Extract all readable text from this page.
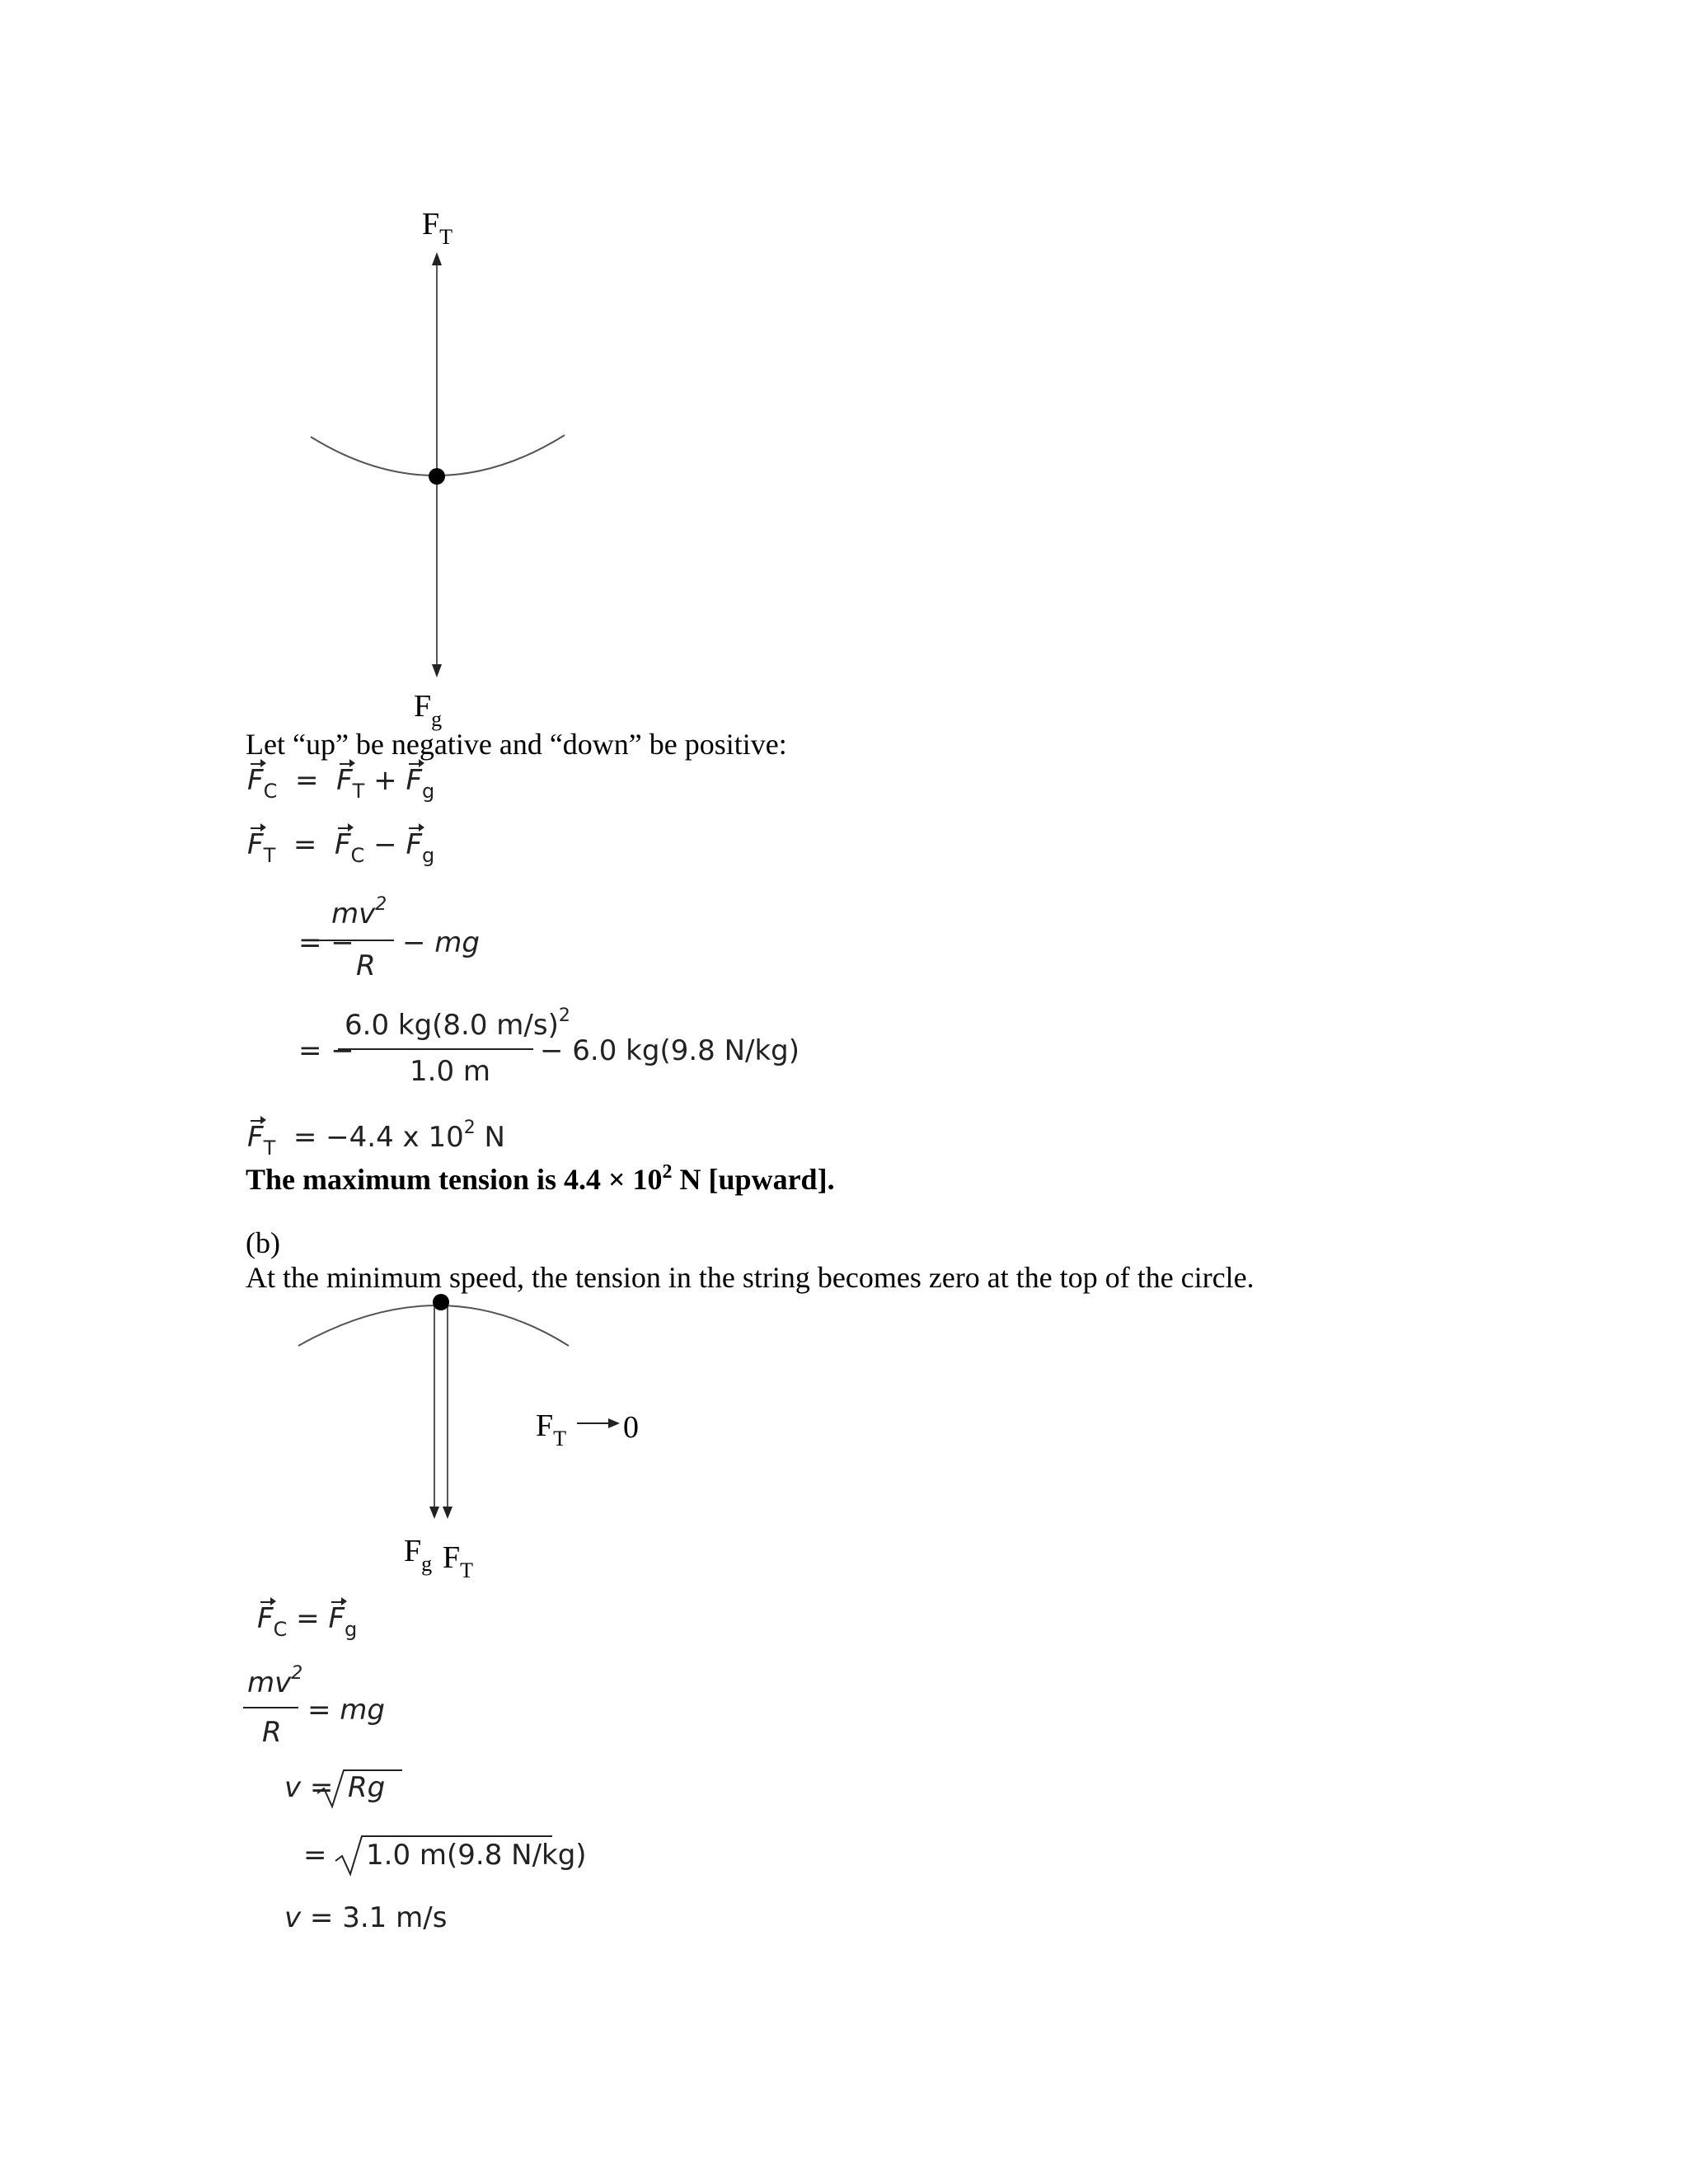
$F_T$
$F_g$
Let “up” be negative and “down” be positive:
$F_C = F_T + F_g$
$F_T = F_C - F_g$
= −
$mv^2$
R
− mg
= −
6.0 kg(8.0 m/s)$^2$
1.0 m
− 6.0 kg(9.8 N/kg)
$F_T = -4.4$ x $10^2$ N
The maximum tension is $4.4 \times 10^2$ N [upward].
(b)
At the minimum speed, the tension in the string becomes zero at the top of the circle.
$F_T$ 0
$F_g$ $F_T$
$F_C = F_g$
$mv^2$
R
= mg
v = Rg
= 1.0 m(9.8 N/kg)
v = 3.1 m/s
